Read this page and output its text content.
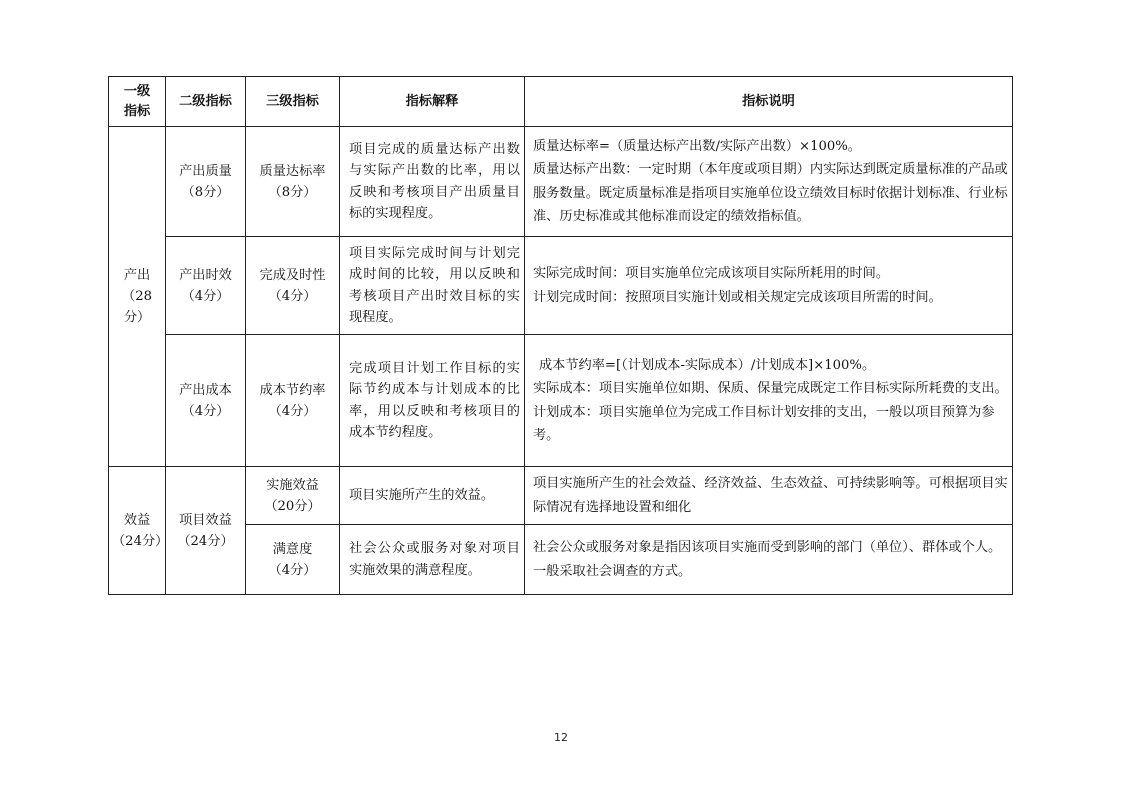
一级指标	二级指标	三级指标	指标解释	指标说明

产出（28分）	产出质量（8分）	质量达标率（8分）	项目完成的质量达标产出数与实际产出数的比率，用以反映和考核项目产出质量目标的实现程度。	质量达标率=（质量达标产出数/实际产出数）×100%。

质量达标产出数：一定时期（本年度或项目期）内实际达到既定质量标准的产品或服务数量。既定质量标准是指项目实施单位设立绩效目标时依据计划标准、行业标准、历史标准或其他标准而设定的绩效指标值。

	产出时效（4分）	完成及时性（4分）	项目实际完成时间与计划完成时间的比较，用以反映和考核项目产出时效目标的实现程度。	实际完成时间：项目实施单位完成该项目实际所耗用的时间。

计划完成时间：按照项目实施计划或相关规定完成该项目所需的时间。

	产出成本（4分）	成本节约率（4分）	完成项目计划工作目标的实际节约成本与计划成本的比率，用以反映和考核项目的成本节约程度。	成本节约率=[（计划成本-实际成本）/计划成本]×100%。

实际成本：项目实施单位如期、保质、保量完成既定工作目标实际所耗费的支出。

计划成本：项目实施单位为完成工作目标计划安排的支出，一般以项目预算为参考。

效益（24分）	项目效益（24分）	实施效益（20分）	项目实施所产生的效益。	项目实施所产生的社会效益、经济效益、生态效益、可持续影响等。可根据项目实际情况有选择地设置和细化

		满意度（4分）	社会公众或服务对象对项目实施效果的满意程度。	社会公众或服务对象是指因该项目实施而受到影响的部门（单位）、群体或个人。一般采取社会调查的方式。

12
